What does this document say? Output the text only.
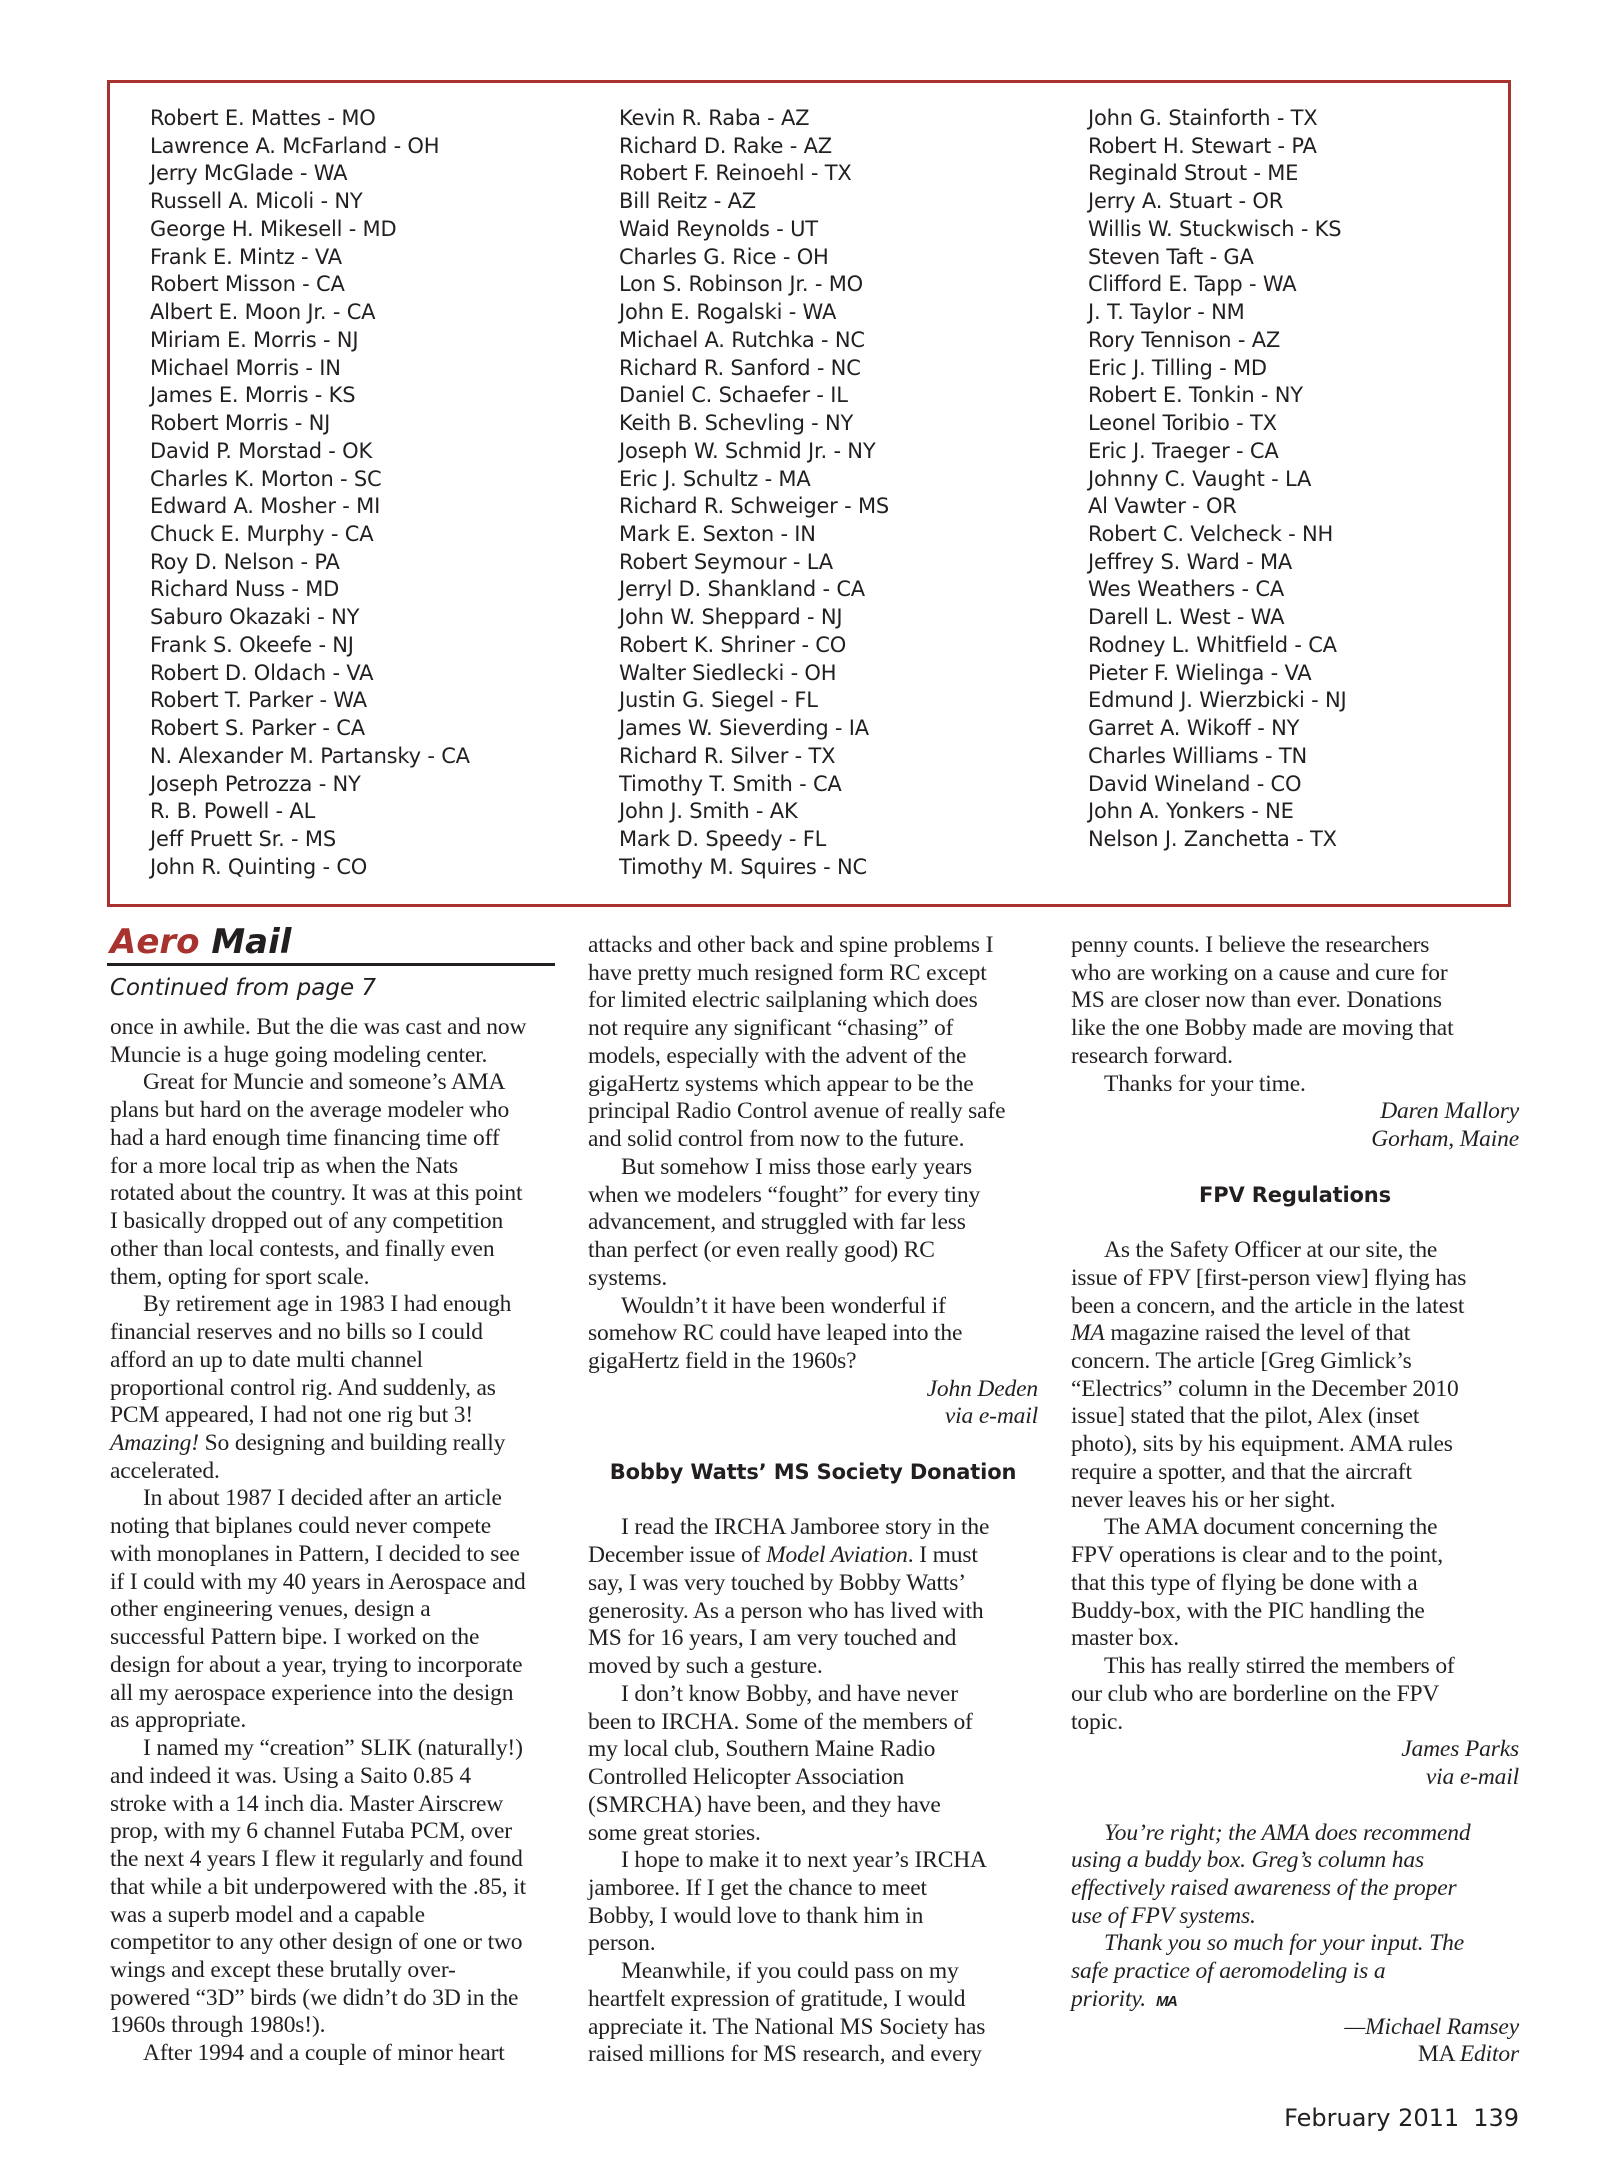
Robert E. Mattes - MO
Lawrence A. McFarland - OH
Jerry McGlade - WA
Russell A. Micoli - NY
George H. Mikesell - MD
Frank E. Mintz - VA
Robert Misson - CA
Albert E. Moon Jr. - CA
Miriam E. Morris - NJ
Michael Morris - IN
James E. Morris - KS
Robert Morris - NJ
David P. Morstad - OK
Charles K. Morton - SC
Edward A. Mosher - MI
Chuck E. Murphy - CA
Roy D. Nelson - PA
Richard Nuss - MD
Saburo Okazaki - NY
Frank S. Okeefe - NJ
Robert D. Oldach - VA
Robert T. Parker - WA
Robert S. Parker - CA
N. Alexander M. Partansky - CA
Joseph Petrozza - NY
R. B. Powell - AL
Jeff Pruett Sr. - MS
John R. Quinting - CO
Kevin R. Raba - AZ
Richard D. Rake - AZ
Robert F. Reinoehl - TX
Bill Reitz - AZ
Waid Reynolds - UT
Charles G. Rice - OH
Lon S. Robinson Jr. - MO
John E. Rogalski - WA
Michael A. Rutchka - NC
Richard R. Sanford - NC
Daniel C. Schaefer - IL
Keith B. Schevling - NY
Joseph W. Schmid Jr. - NY
Eric J. Schultz - MA
Richard R. Schweiger - MS
Mark E. Sexton - IN
Robert Seymour - LA
Jerryl D. Shankland - CA
John W. Sheppard - NJ
Robert K. Shriner - CO
Walter Siedlecki - OH
Justin G. Siegel - FL
James W. Sieverding - IA
Richard R. Silver - TX
Timothy T. Smith - CA
John J. Smith - AK
Mark D. Speedy - FL
Timothy M. Squires - NC
John G. Stainforth - TX
Robert H. Stewart - PA
Reginald Strout - ME
Jerry A. Stuart - OR
Willis W. Stuckwisch - KS
Steven Taft - GA
Clifford E. Tapp - WA
J. T. Taylor - NM
Rory Tennison - AZ
Eric J. Tilling - MD
Robert E. Tonkin - NY
Leonel Toribio - TX
Eric J. Traeger - CA
Johnny C. Vaught - LA
Al Vawter - OR
Robert C. Velcheck - NH
Jeffrey S. Ward - MA
Wes Weathers - CA
Darell L. West - WA
Rodney L. Whitfield - CA
Pieter F. Wielinga - VA
Edmund J. Wierzbicki - NJ
Garret A. Wikoff - NY
Charles Williams - TN
David Wineland - CO
John A. Yonkers - NE
Nelson J. Zanchetta - TX
Aero Mail
Continued from page 7
once in awhile. But the die was cast and now
Muncie is a huge going modeling center.
Great for Muncie and someone’s AMA
plans but hard on the average modeler who
had a hard enough time financing time off
for a more local trip as when the Nats
rotated about the country. It was at this point
I basically dropped out of any competition
other than local contests, and finally even
them, opting for sport scale.
By retirement age in 1983 I had enough
financial reserves and no bills so I could
afford an up to date multi channel
proportional control rig. And suddenly, as
PCM appeared, I had not one rig but 3!
Amazing! So designing and building really
accelerated.
In about 1987 I decided after an article
noting that biplanes could never compete
with monoplanes in Pattern, I decided to see
if I could with my 40 years in Aerospace and
other engineering venues, design a
successful Pattern bipe. I worked on the
design for about a year, trying to incorporate
all my aerospace experience into the design
as appropriate.
I named my “creation” SLIK (naturally!)
and indeed it was. Using a Saito 0.85 4
stroke with a 14 inch dia. Master Airscrew
prop, with my 6 channel Futaba PCM, over
the next 4 years I flew it regularly and found
that while a bit underpowered with the .85, it
was a superb model and a capable
competitor to any other design of one or two
wings and except these brutally over-
powered “3D” birds (we didn’t do 3D in the
1960s through 1980s!).
After 1994 and a couple of minor heart
attacks and other back and spine problems I
have pretty much resigned form RC except
for limited electric sailplaning which does
not require any significant “chasing” of
models, especially with the advent of the
gigaHertz systems which appear to be the
principal Radio Control avenue of really safe
and solid control from now to the future.
But somehow I miss those early years
when we modelers “fought” for every tiny
advancement, and struggled with far less
than perfect (or even really good) RC
systems.
Wouldn’t it have been wonderful if
somehow RC could have leaped into the
gigaHertz field in the 1960s?
John Deden
via e-mail
Bobby Watts’ MS Society Donation
I read the IRCHA Jamboree story in the
December issue of Model Aviation. I must
say, I was very touched by Bobby Watts’
generosity. As a person who has lived with
MS for 16 years, I am very touched and
moved by such a gesture.
I don’t know Bobby, and have never
been to IRCHA. Some of the members of
my local club, Southern Maine Radio
Controlled Helicopter Association
(SMRCHA) have been, and they have
some great stories.
I hope to make it to next year’s IRCHA
jamboree. If I get the chance to meet
Bobby, I would love to thank him in
person.
Meanwhile, if you could pass on my
heartfelt expression of gratitude, I would
appreciate it. The National MS Society has
raised millions for MS research, and every
penny counts. I believe the researchers
who are working on a cause and cure for
MS are closer now than ever. Donations
like the one Bobby made are moving that
research forward.
Thanks for your time.
Daren Mallory
Gorham, Maine
FPV Regulations
As the Safety Officer at our site, the
issue of FPV [first-person view] flying has
been a concern, and the article in the latest
MA magazine raised the level of that
concern. The article [Greg Gimlick’s
“Electrics” column in the December 2010
issue] stated that the pilot, Alex (inset
photo), sits by his equipment. AMA rules
require a spotter, and that the aircraft
never leaves his or her sight.
The AMA document concerning the
FPV operations is clear and to the point,
that this type of flying be done with a
Buddy-box, with the PIC handling the
master box.
This has really stirred the members of
our club who are borderline on the FPV
topic.
James Parks
via e-mail
You’re right; the AMA does recommend
using a buddy box. Greg’s column has
effectively raised awareness of the proper
use of FPV systems.
Thank you so much for your input. The
safe practice of aeromodeling is a
priority. MA
—Michael Ramsey
MA Editor
February 2011 139
